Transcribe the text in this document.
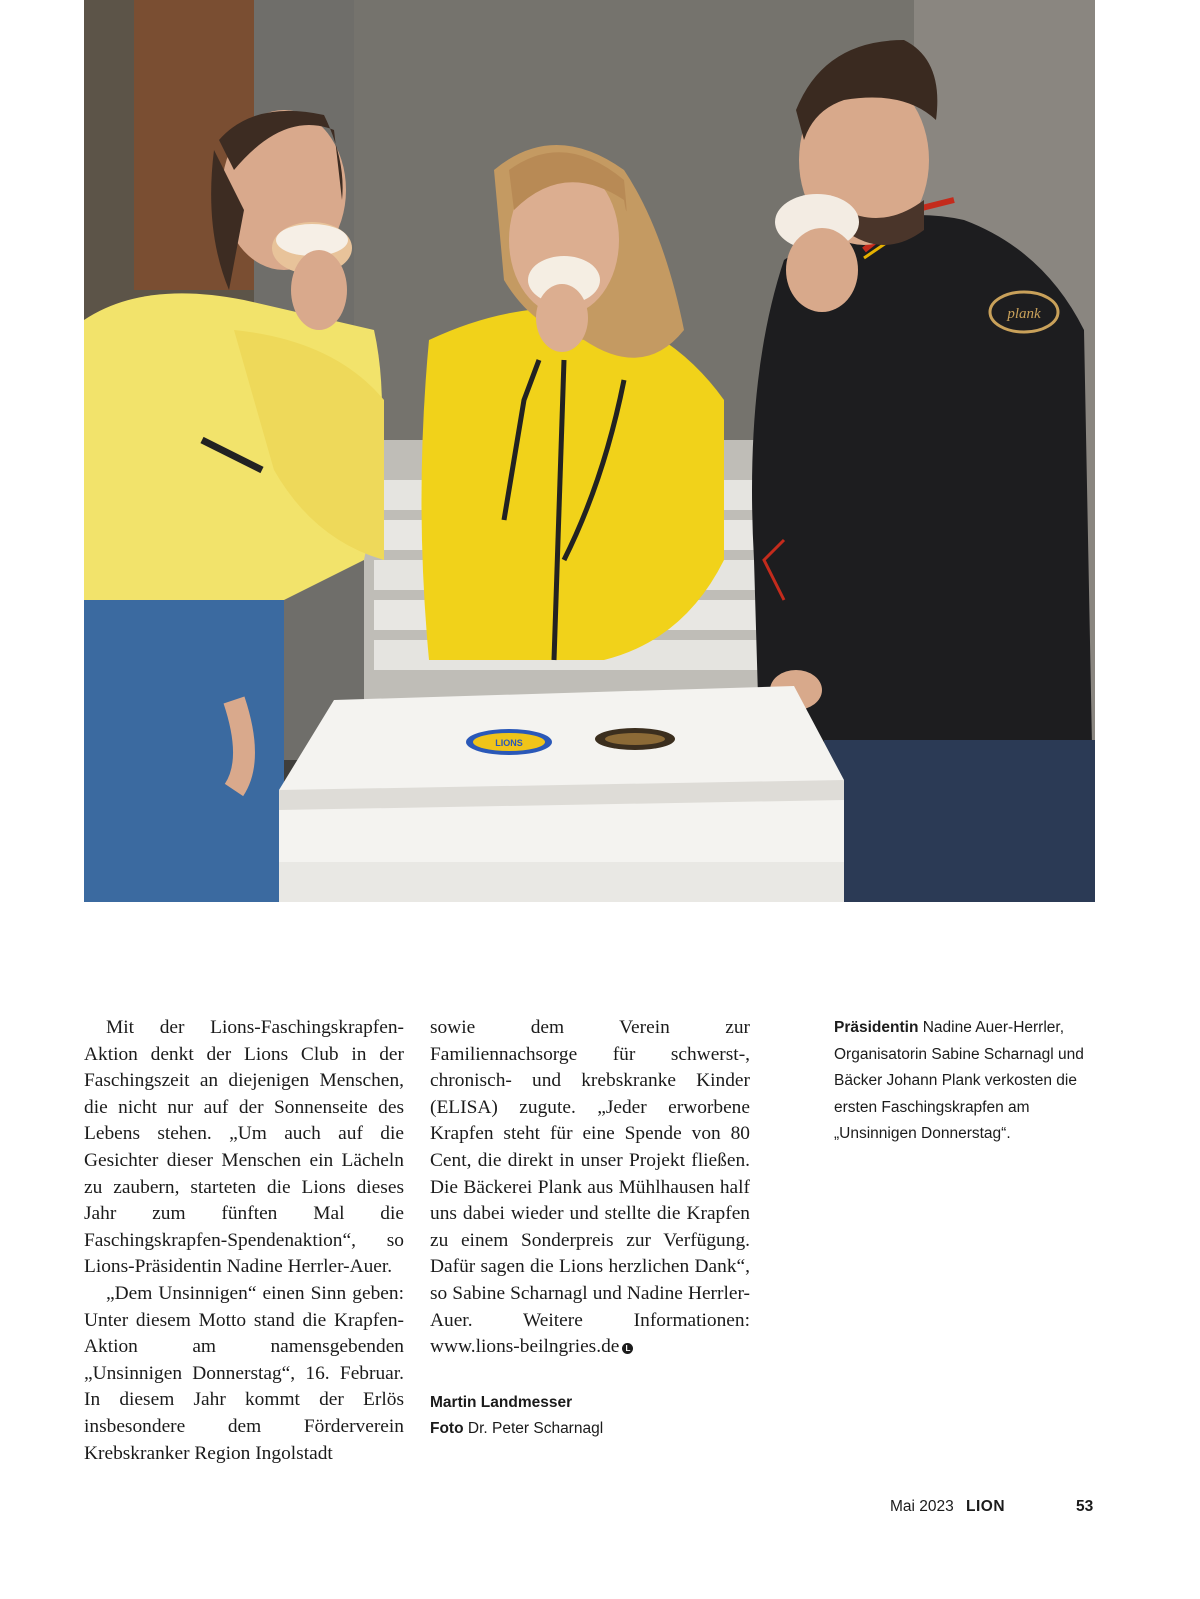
plank
LIONS

Mit der Lions-Faschingskrapfen-Aktion denkt der Lions Club in der Faschingszeit an diejenigen Menschen, die nicht nur auf der Sonnenseite des Lebens stehen. „Um auch auf die Gesichter dieser Menschen ein Lächeln zu zaubern, starteten die Lions dieses Jahr zum fünften Mal die Faschingskrapfen-Spendenaktion“, so Lions-Präsidentin Nadine Herrler-Auer.

„Dem Unsinnigen“ einen Sinn geben: Unter diesem Motto stand die Krapfen-Aktion am namensgebenden „Unsinnigen Donnerstag“, 16. Februar. In diesem Jahr kommt der Erlös insbesondere dem Förderverein Krebskranker Region Ingolstadt

sowie dem Verein zur Familiennachsorge für schwerst-, chronisch- und krebskranke Kinder (ELISA) zugute. „Jeder erworbene Krapfen steht für eine Spende von 80 Cent, die direkt in unser Projekt fließen. Die Bäckerei Plank aus Mühlhausen half uns dabei wieder und stellte die Krapfen zu einem Sonderpreis zur Verfügung. Dafür sagen die Lions herzlichen Dank“, so Sabine Scharnagl und Nadine Herrler-Auer. Weitere Informationen: www.lions-beilngries.de L

Martin Landmesser
Foto Dr. Peter Scharnagl
Präsidentin Nadine Auer-Herrler, Organisatorin Sabine Scharnagl und Bäcker Johann Plank verkosten die ersten Faschingskrapfen am „Unsinnigen Donnerstag“.
Mai 2023 LION	53
